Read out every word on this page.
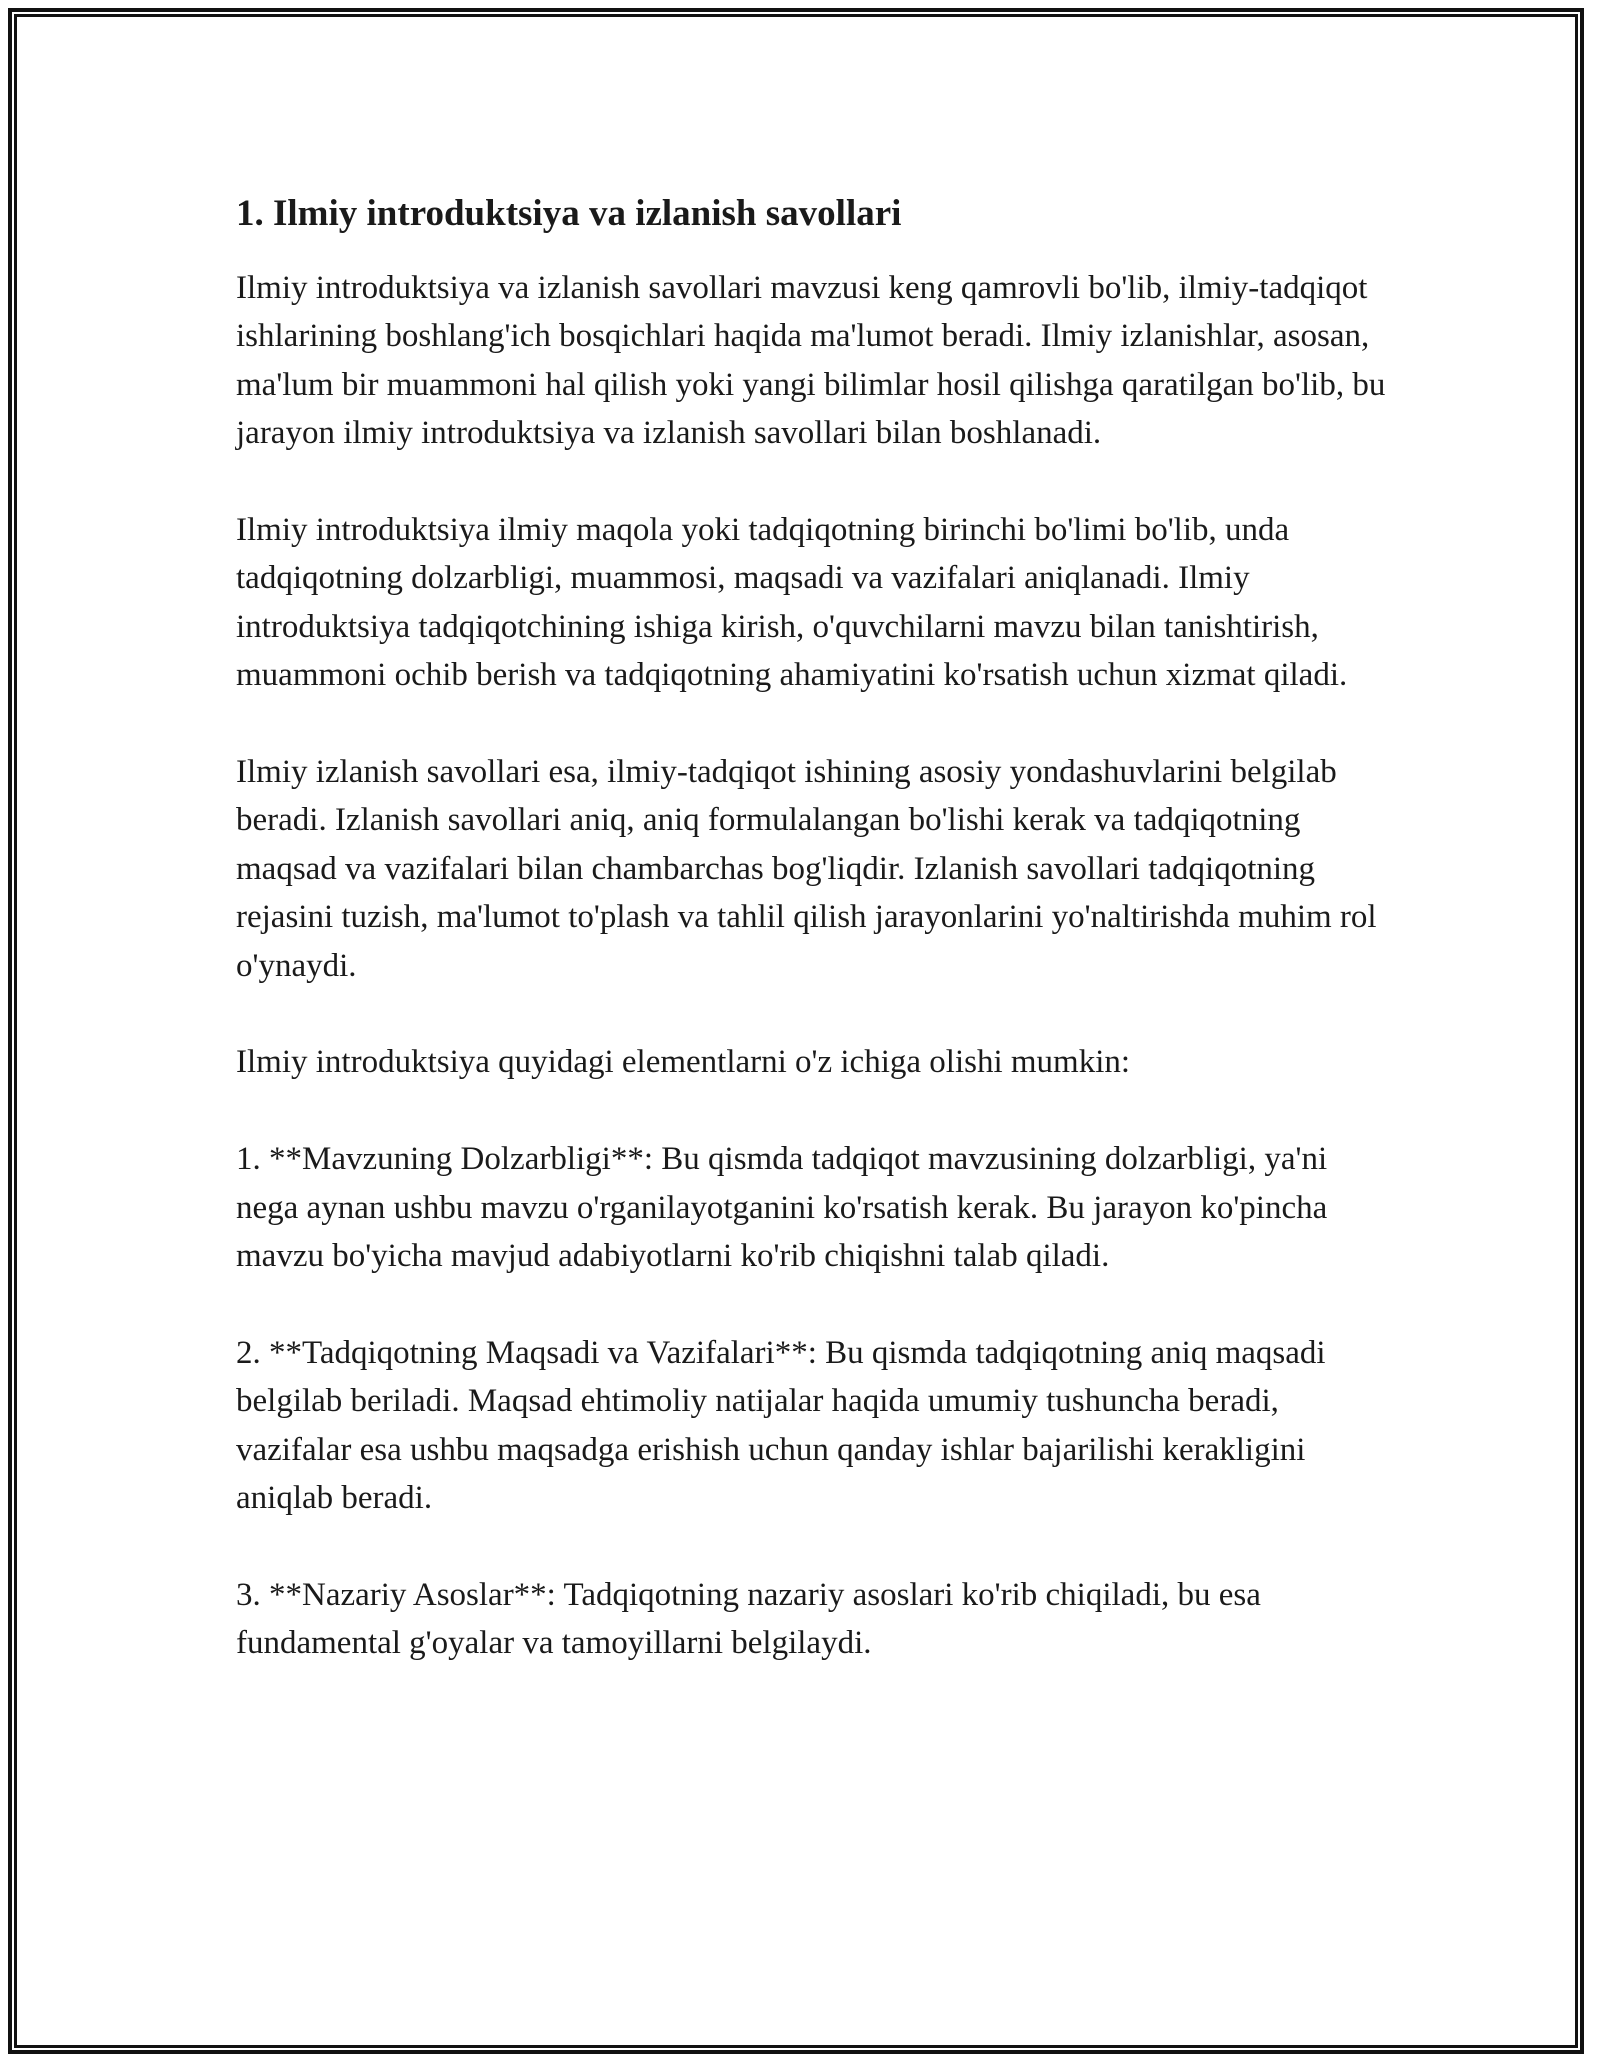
1. Ilmiy introduktsiya va izlanish savollari

Ilmiy introduktsiya va izlanish savollari mavzusi keng qamrovli bo'lib, ilmiy-tadqiqot ishlarining boshlang'ich bosqichlari haqida ma'lumot beradi. Ilmiy izlanishlar, asosan, ma'lum bir muammoni hal qilish yoki yangi bilimlar hosil qilishga qaratilgan bo'lib, bu jarayon ilmiy introduktsiya va izlanish savollari bilan boshlanadi.

Ilmiy introduktsiya ilmiy maqola yoki tadqiqotning birinchi bo'limi bo'lib, unda tadqiqotning dolzarbligi, muammosi, maqsadi va vazifalari aniqlanadi. Ilmiy introduktsiya tadqiqotchining ishiga kirish, o'quvchilarni mavzu bilan tanishtirish, muammoni ochib berish va tadqiqotning ahamiyatini ko'rsatish uchun xizmat qiladi.

Ilmiy izlanish savollari esa, ilmiy-tadqiqot ishining asosiy yondashuvlarini belgilab beradi. Izlanish savollari aniq, aniq formulalangan bo'lishi kerak va tadqiqotning maqsad va vazifalari bilan chambarchas bog'liqdir. Izlanish savollari tadqiqotning rejasini tuzish, ma'lumot to'plash va tahlil qilish jarayonlarini yo'naltirishda muhim rol o'ynaydi.

Ilmiy introduktsiya quyidagi elementlarni o'z ichiga olishi mumkin:

1. **Mavzuning Dolzarbligi**: Bu qismda tadqiqot mavzusining dolzarbligi, ya'ni nega aynan ushbu mavzu o'rganilayotganini ko'rsatish kerak. Bu jarayon ko'pincha mavzu bo'yicha mavjud adabiyotlarni ko'rib chiqishni talab qiladi.

2. **Tadqiqotning Maqsadi va Vazifalari**: Bu qismda tadqiqotning aniq maqsadi belgilab beriladi. Maqsad ehtimoliy natijalar haqida umumiy tushuncha beradi, vazifalar esa ushbu maqsadga erishish uchun qanday ishlar bajarilishi kerakligini aniqlab beradi.

3. **Nazariy Asoslar**: Tadqiqotning nazariy asoslari ko'rib chiqiladi, bu esa fundamental g'oyalar va tamoyillarni belgilaydi.
